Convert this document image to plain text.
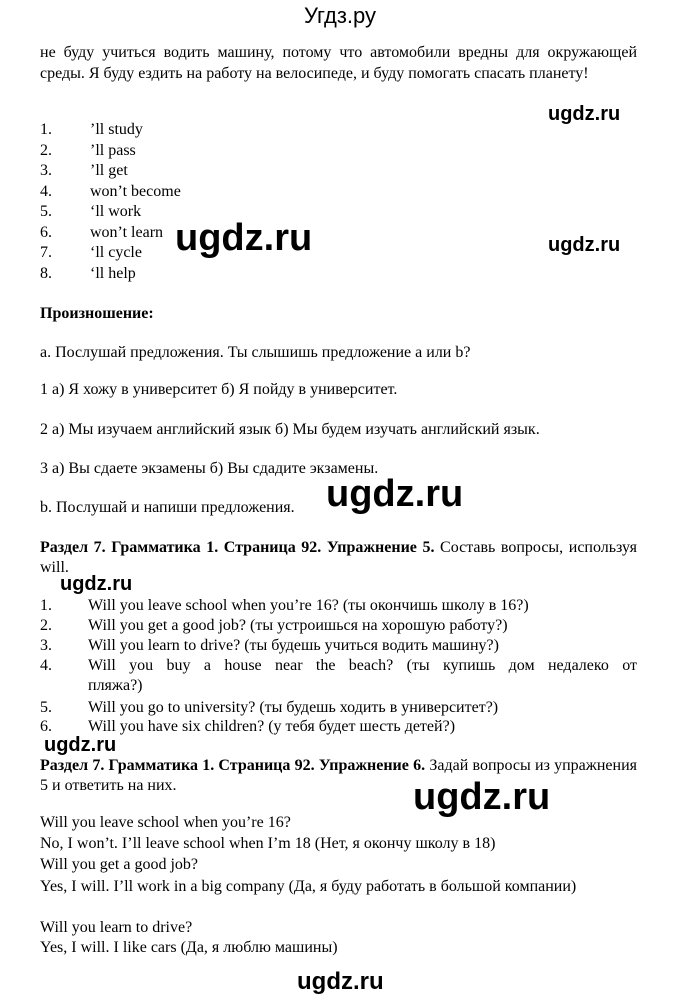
Угдз.ру
не буду учиться водить машину, потому что автомобили вредны для окружающей среды. Я буду ездить на работу на велосипеде, и буду помогать спасать планету!
1. ’ll study
2. ’ll pass
3. ’ll get
4. won’t become
5. ‘ll work
6. won’t learn
7. ‘ll cycle
8. ‘ll help
Произношение:
a. Послушай предложения. Ты слышишь предложение а или b?
1 а) Я хожу в университет б) Я пойду в университет.
2 а) Мы изучаем английский язык б) Мы будем изучать английский язык.
3 а) Вы сдаете экзамены б) Вы сдадите экзамены.
b. Послушай и напиши предложения.
Раздел 7. Грамматика 1. Страница 92. Упражнение 5. Составь вопросы, используя will.
1. Will you leave school when you’re 16? (ты окончишь школу в 16?)
2. Will you get a good job? (ты устроишься на хорошую работу?)
3. Will you learn to drive? (ты будешь учиться водить машину?)
4.	Will you buy a house near the beach? (ты купишь дом недалеко от
пляжа?)
5. Will you go to university? (ты будешь ходить в университет?)
6. Will you have six children? (у тебя будет шесть детей?)
Раздел 7. Грамматика 1. Страница 92. Упражнение 6. Задай вопросы из упражнения 5 и ответить на них.
Will you leave school when you’re 16?
No, I won’t. I’ll leave school when I’m 18 (Нет, я окончу школу в 18)
Will you get a good job?
Yes, I will. I’ll work in a big company (Да, я буду работать в большой компании)
Will you learn to drive?
Yes, I will. I like cars (Да, я люблю машины)
ugdz.ru
ugdz.ru	ugdz.ru
ugdz.ru
ugdz.ru
ugdz.ru
ugdz.ru
ugdz.ru
